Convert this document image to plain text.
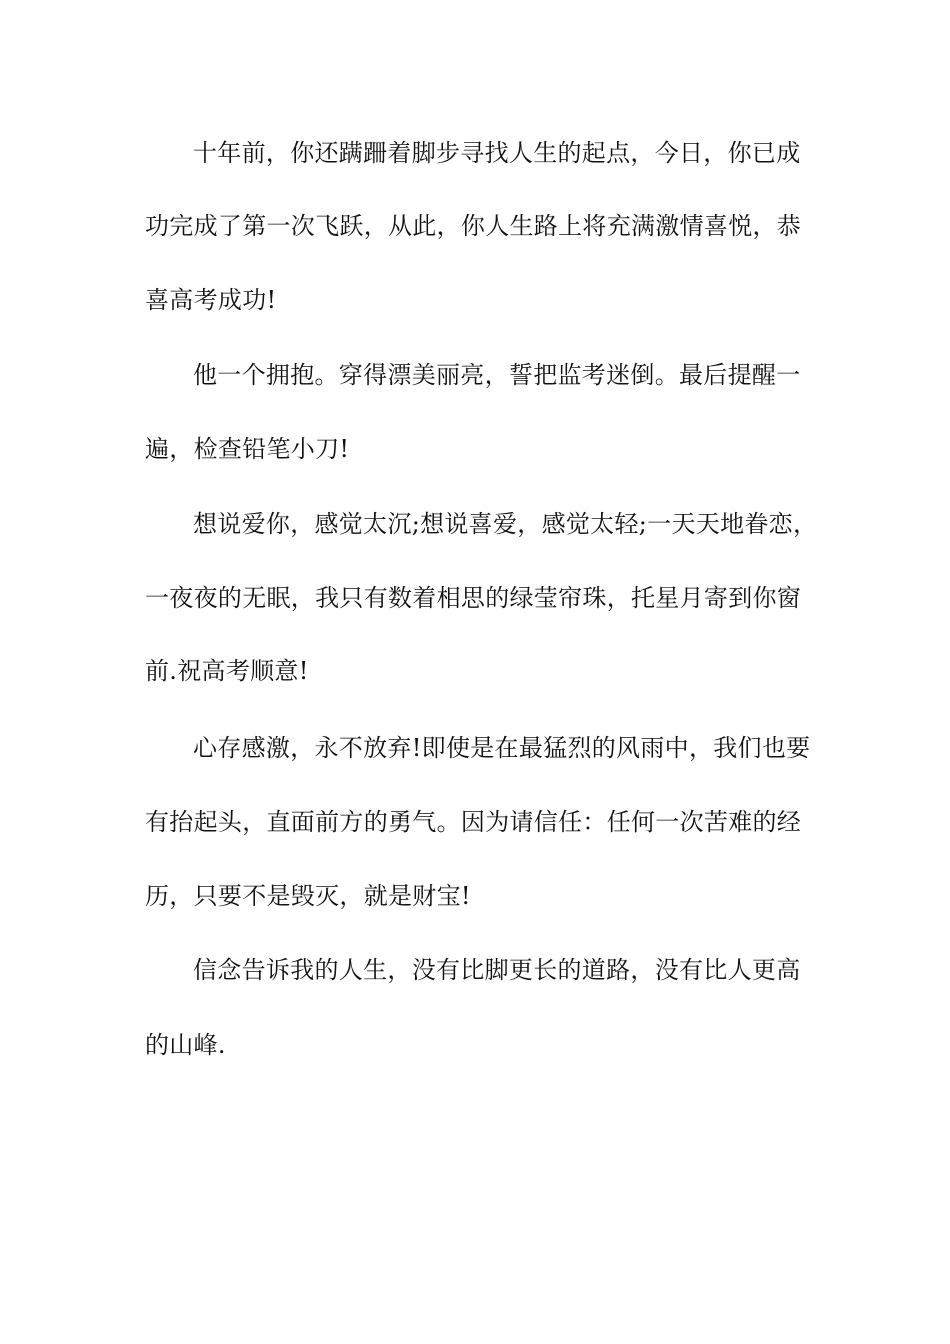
十年前，你还蹒跚着脚步寻找人生的起点，今日，你已成
功完成了第一次飞跃，从此，你人生路上将充满激情喜悦，恭
喜高考成功!
他一个拥抱。穿得漂美丽亮，誓把监考迷倒。最后提醒一
遍，检查铅笔小刀!
想说爱你，感觉太沉;想说喜爱，感觉太轻;一天天地眷恋，
一夜夜的无眠，我只有数着相思的绿莹帘珠，托星月寄到你窗
前.祝高考顺意!
心存感激，永不放弃!即使是在最猛烈的风雨中，我们也要
有抬起头，直面前方的勇气。因为请信任：任何一次苦难的经
历，只要不是毁灭，就是财宝!
信念告诉我的人生，没有比脚更长的道路，没有比人更高
的山峰.
